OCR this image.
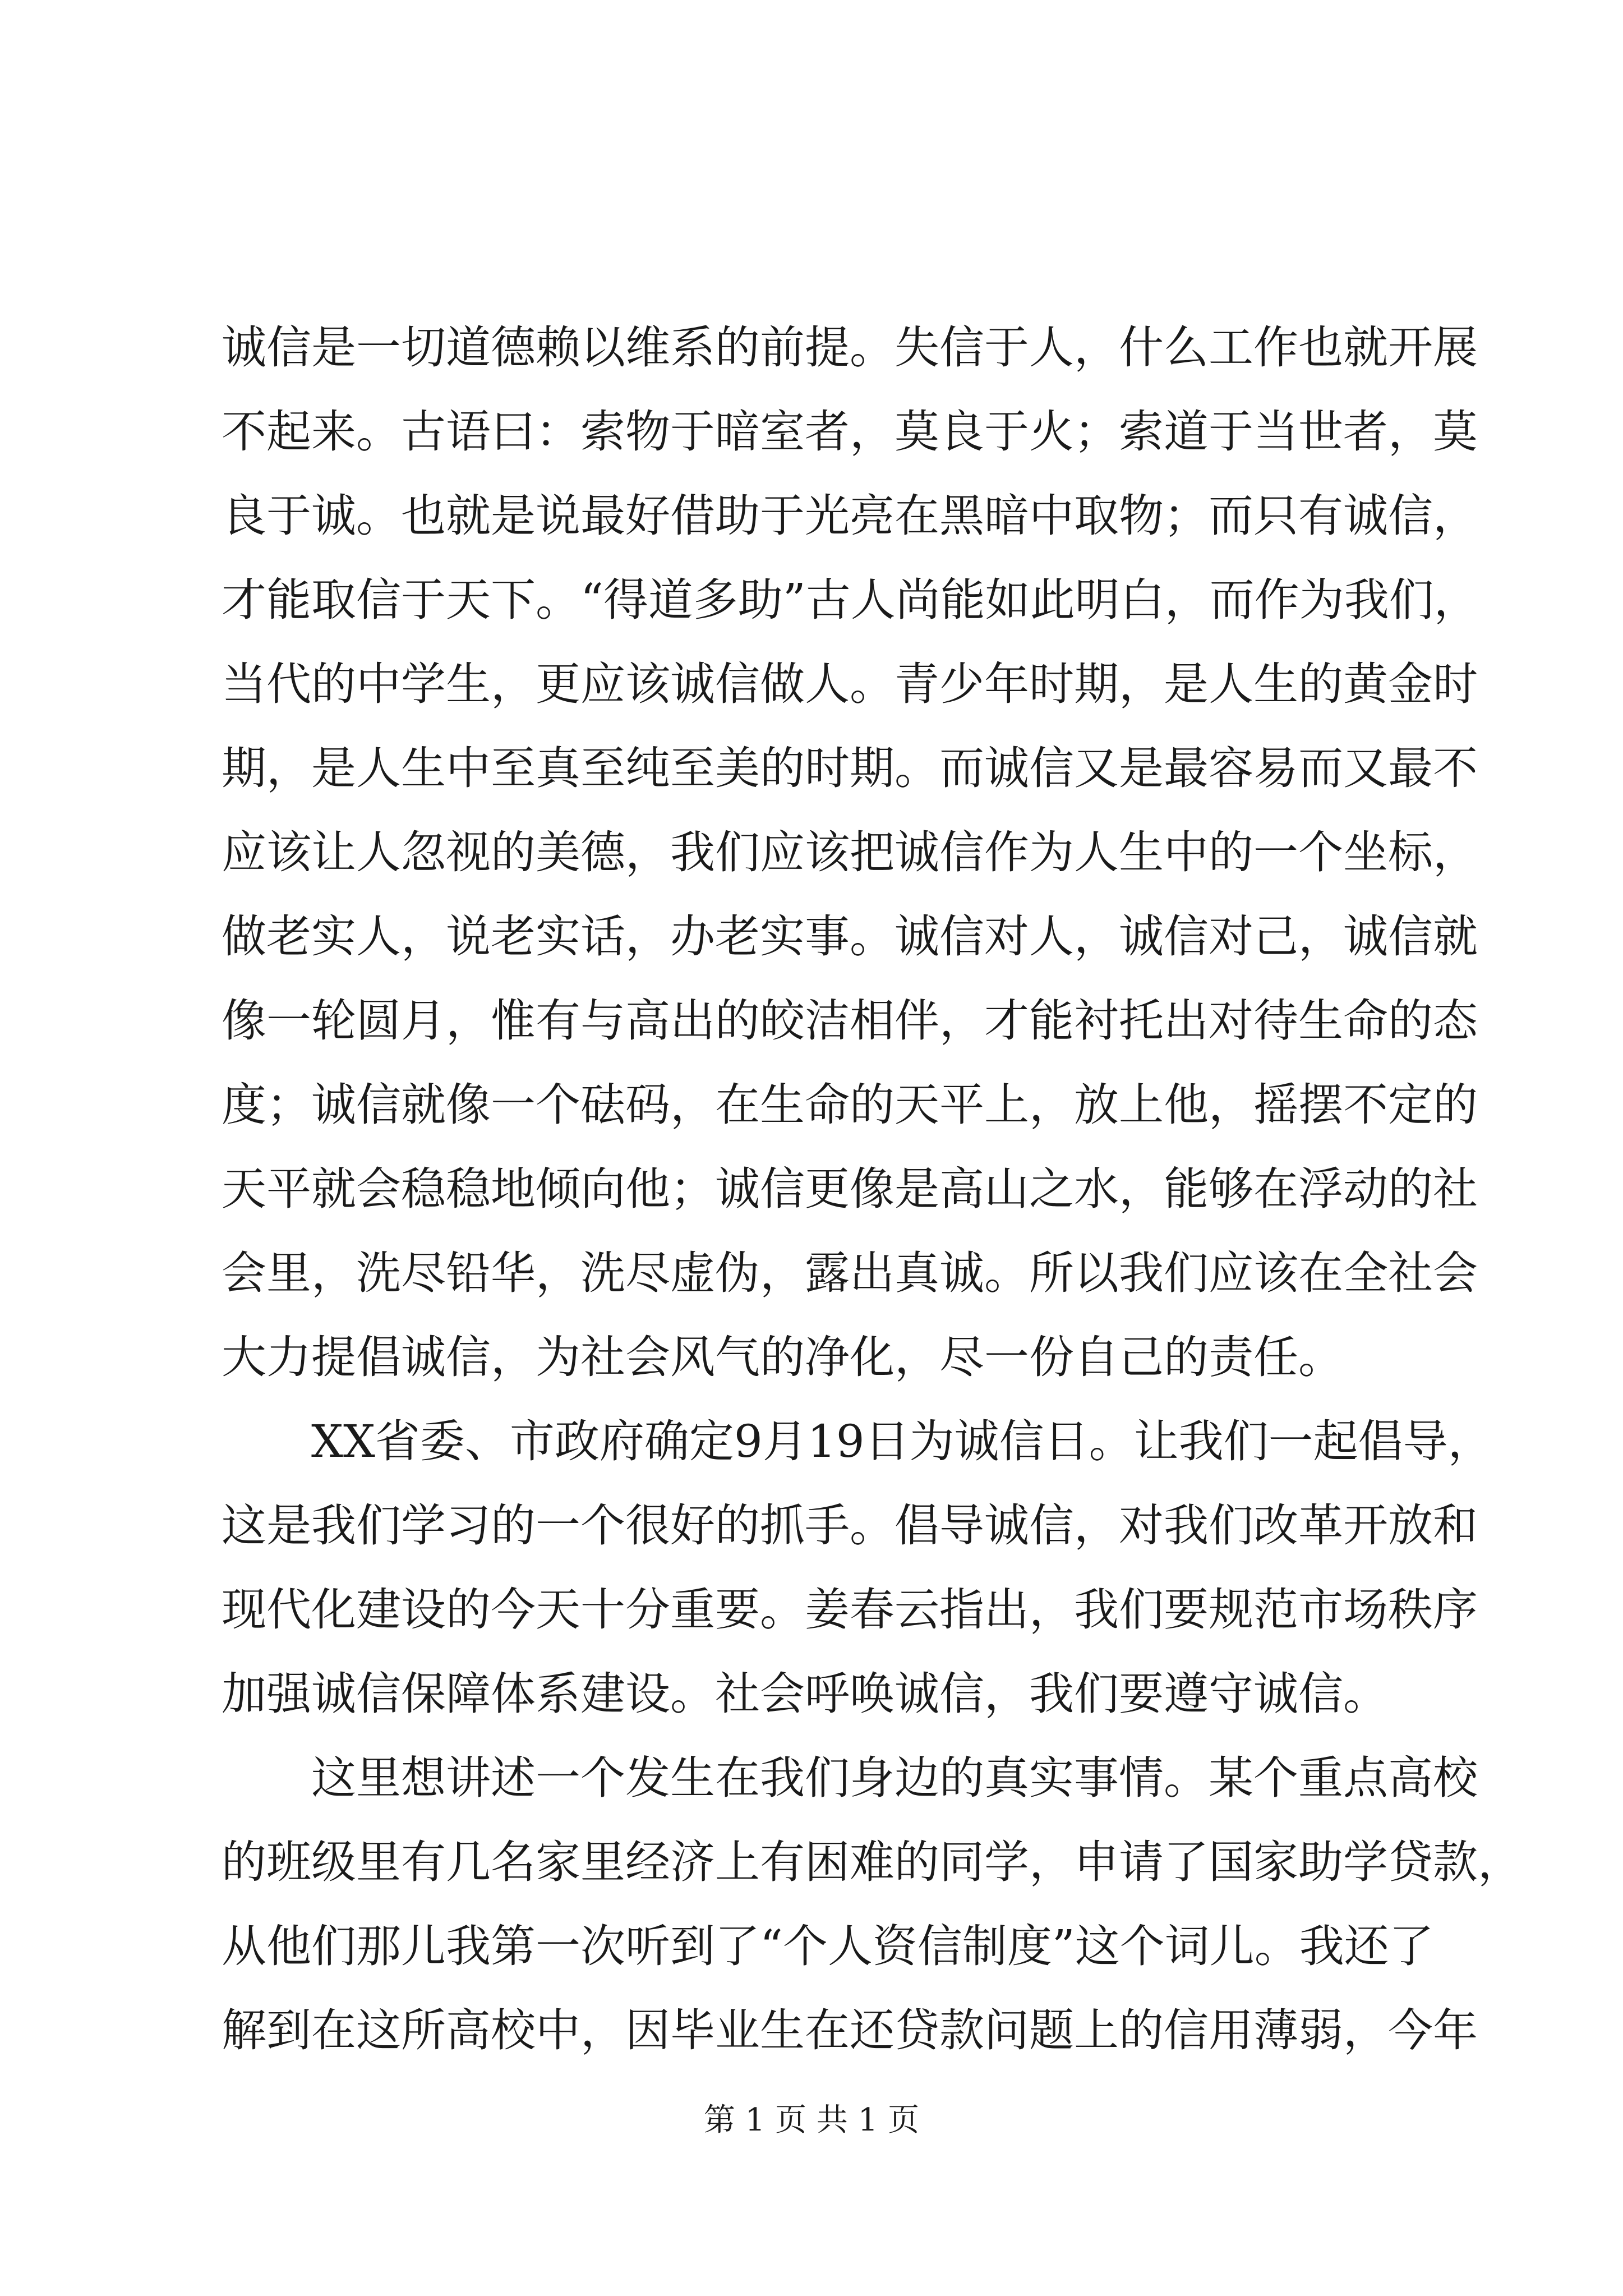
诚信是一切道德赖以维系的前提。失信于人，什么工作也就开展
不起来。古语曰：索物于暗室者，莫良于火；索道于当世者，莫
良于诚。也就是说最好借助于光亮在黑暗中取物；而只有诚信，
才能取信于天下。“得道多助”古人尚能如此明白，而作为我们，
当代的中学生，更应该诚信做人。青少年时期，是人生的黄金时
期，是人生中至真至纯至美的时期。而诚信又是最容易而又最不
应该让人忽视的美德，我们应该把诚信作为人生中的一个坐标，
做老实人，说老实话，办老实事。诚信对人，诚信对己，诚信就
像一轮圆月，惟有与高出的皎洁相伴，才能衬托出对待生命的态
度；诚信就像一个砝码，在生命的天平上，放上他，摇摆不定的
天平就会稳稳地倾向他；诚信更像是高山之水，能够在浮动的社
会里，洗尽铅华，洗尽虚伪，露出真诚。所以我们应该在全社会
大力提倡诚信，为社会风气的净化，尽一份自己的责任。
XX省委、市政府确定9月19日为诚信日。让我们一起倡导，
这是我们学习的一个很好的抓手。倡导诚信，对我们改革开放和
现代化建设的今天十分重要。姜春云指出，我们要规范市场秩序
加强诚信保障体系建设。社会呼唤诚信，我们要遵守诚信。
这里想讲述一个发生在我们身边的真实事情。某个重点高校
的班级里有几名家里经济上有困难的同学，申请了国家助学贷款，
从他们那儿我第一次听到了“个人资信制度”这个词儿。我还了
解到在这所高校中，因毕业生在还贷款问题上的信用薄弱，今年
第 1 页 共 1 页
